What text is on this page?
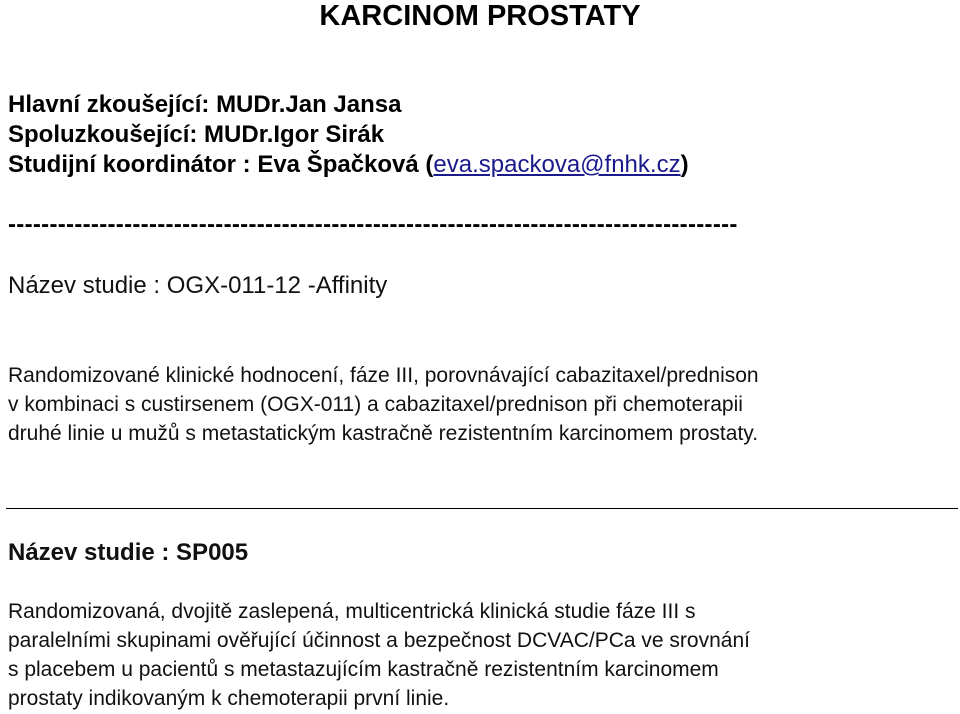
KARCINOM PROSTATY
Hlavní zkoušející: MUDr.Jan Jansa
Spoluzkoušející: MUDr.Igor Sirák
Studijní koordinátor : Eva Špačková (eva.spackova@fnhk.cz)
----------------------------------------------------------------------------------------
Název studie : OGX-011-12 -Affinity
Randomizované klinické hodnocení, fáze III, porovnávající cabazitaxel/prednison
v kombinaci s custirsenem (OGX-011) a cabazitaxel/prednison při chemoterapii
druhé linie u mužů s metastatickým kastračně rezistentním karcinomem prostaty.
Název studie : SP005
Randomizovaná, dvojitě zaslepená, multicentrická klinická studie fáze III s
paralelními skupinami ověřující účinnost a bezpečnost DCVAC/PCa ve srovnání
s placebem u pacientů s metastazujícím kastračně rezistentním karcinomem
prostaty indikovaným k chemoterapii první linie.
